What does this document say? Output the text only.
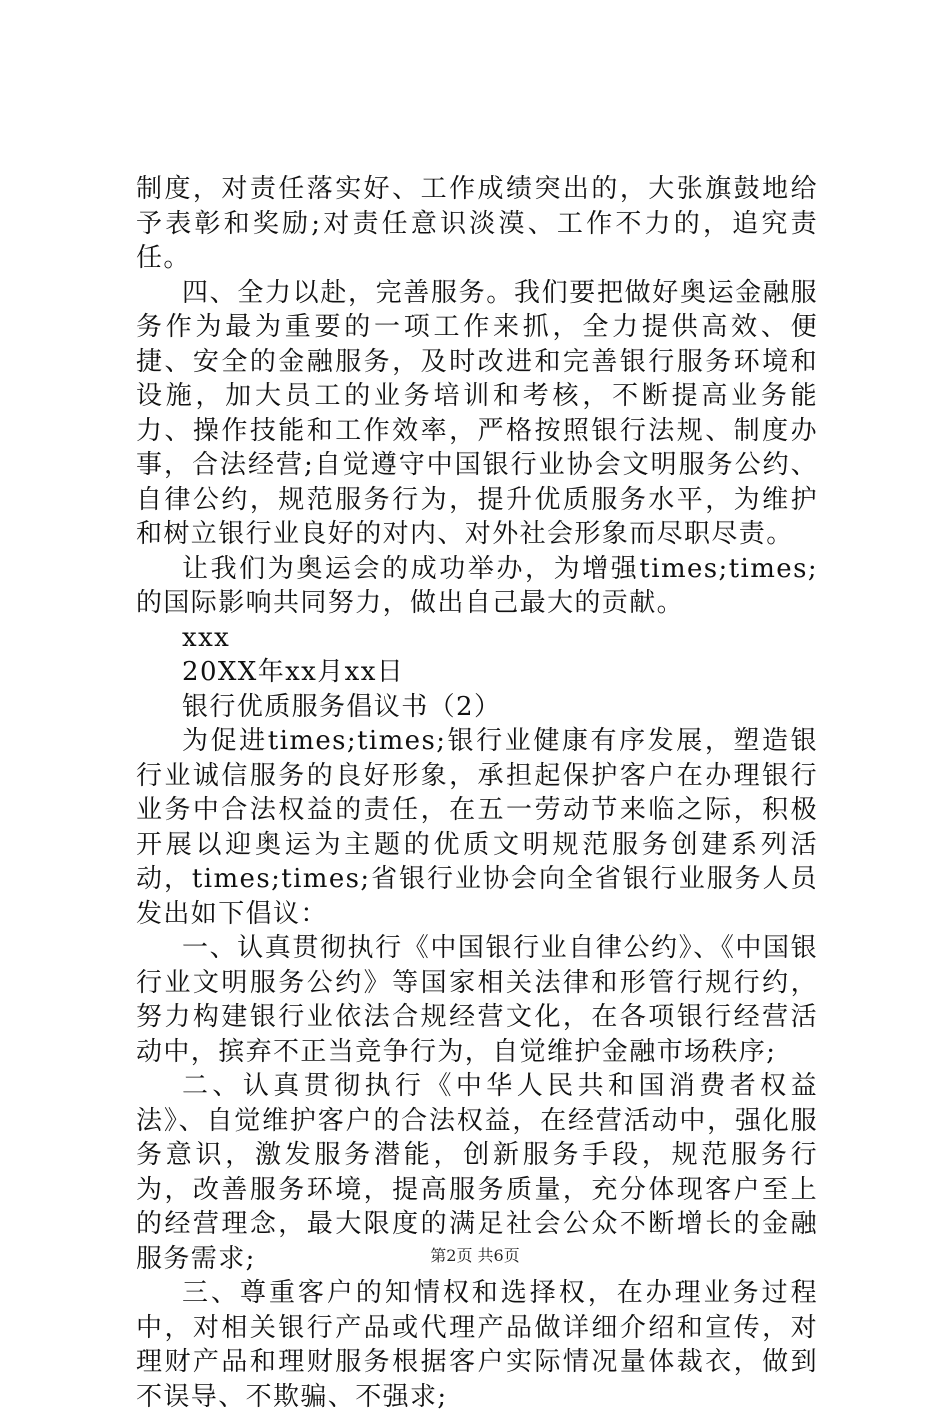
制度，对责任落实好、工作成绩突出的，大张旗鼓地给予表彰和奖励;对责任意识淡漠、工作不力的，追究责任。

四、全力以赴，完善服务。我们要把做好奥运金融服务作为最为重要的一项工作来抓，全力提供高效、便捷、安全的金融服务，及时改进和完善银行服务环境和设施，加大员工的业务培训和考核，不断提高业务能力、操作技能和工作效率，严格按照银行法规、制度办事，合法经营;自觉遵守中国银行业协会文明服务公约、自律公约，规范服务行为，提升优质服务水平，为维护和树立银行业良好的对内、对外社会形象而尽职尽责。

让我们为奥运会的成功举办，为增强times;times;的国际影响共同努力，做出自己最大的贡献。

xxx

20XX年xx月xx日

银行优质服务倡议书（2）

为促进times;times;银行业健康有序发展，塑造银行业诚信服务的良好形象，承担起保护客户在办理银行业务中合法权益的责任，在五一劳动节来临之际，积极开展以迎奥运为主题的优质文明规范服务创建系列活动，times;times;省银行业协会向全省银行业服务人员发出如下倡议：

一、认真贯彻执行《中国银行业自律公约》、《中国银行业文明服务公约》等国家相关法律和形管行规行约，努力构建银行业依法合规经营文化，在各项银行经营活动中，摈弃不正当竞争行为，自觉维护金融市场秩序;

二、认真贯彻执行《中华人民共和国消费者权益法》、自觉维护客户的合法权益，在经营活动中，强化服务意识，激发服务潜能，创新服务手段，规范服务行为，改善服务环境，提高服务质量，充分体现客户至上的经营理念，最大限度的满足社会公众不断增长的金融服务需求;

三、尊重客户的知情权和选择权，在办理业务过程中，对相关银行产品或代理产品做详细介绍和宣传，对理财产品和理财服务根据客户实际情况量体裁衣，做到不误导、不欺骗、不强求;

第2页 共6页
